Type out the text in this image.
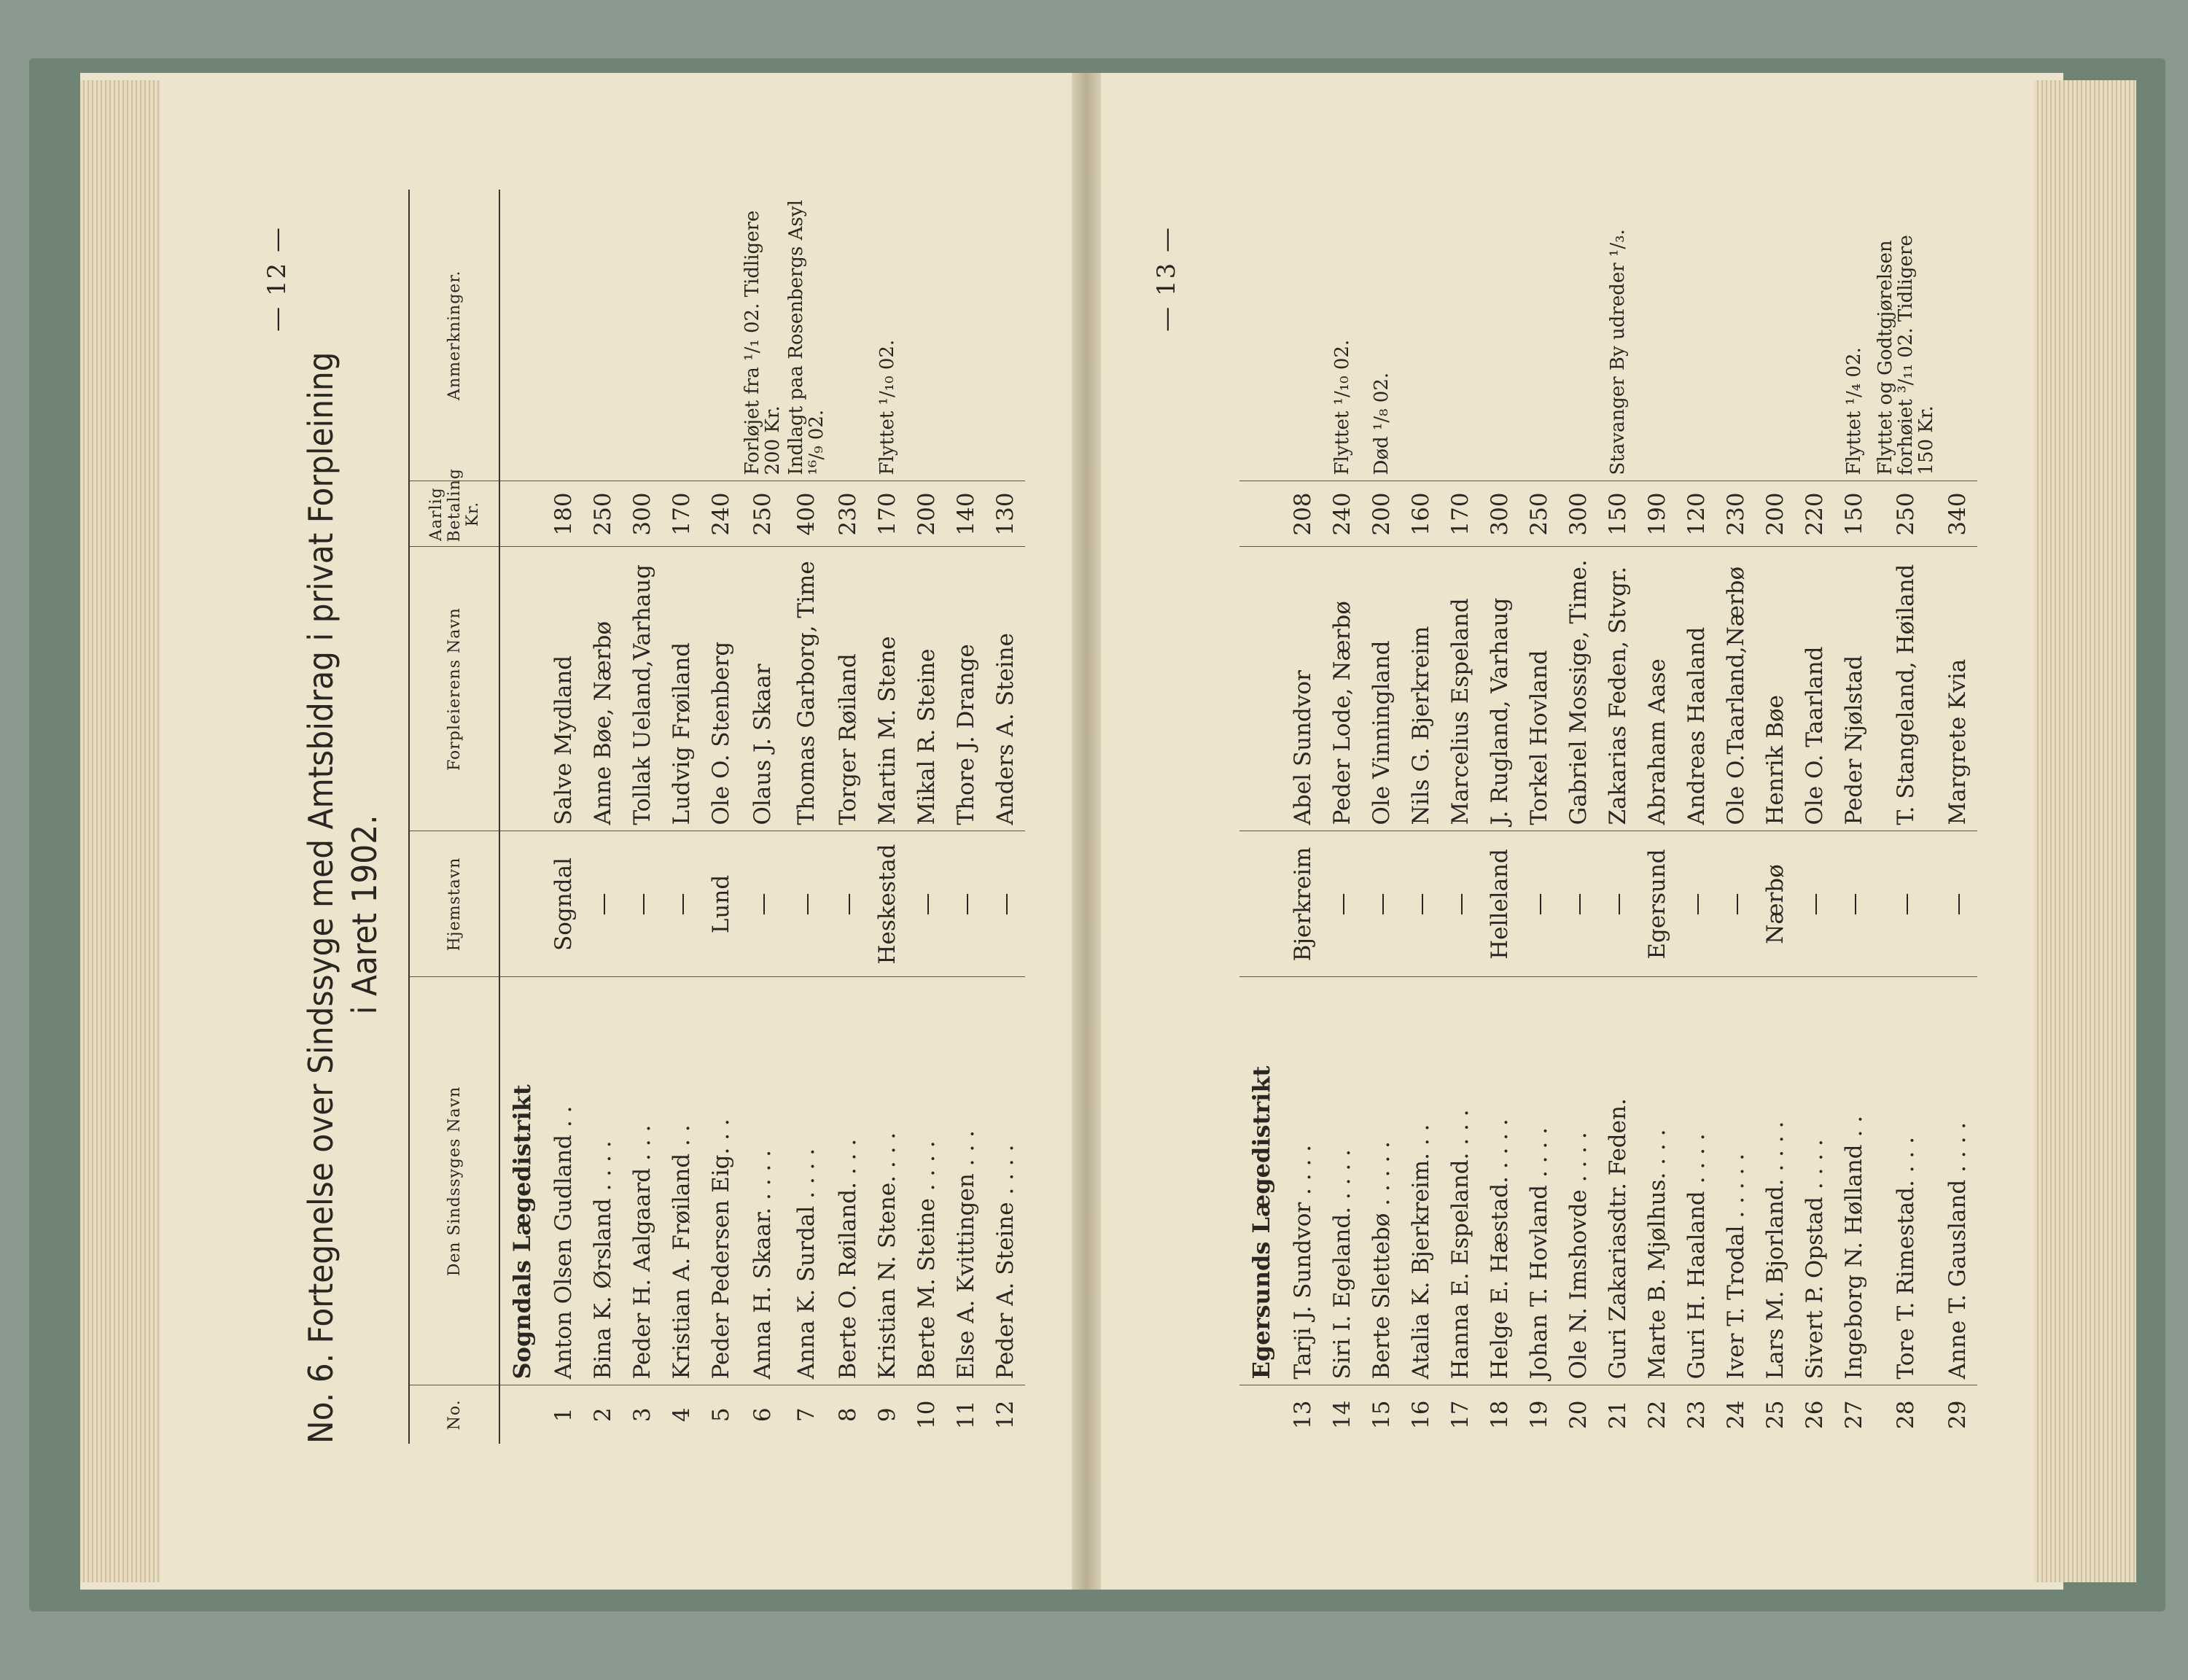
— 12 —
No. 6. Fortegnelse over Sindssyge med Amtsbidrag i privat Forpleining i Aaret 1902.
No.	Den Sindssyges Navn	Hjemstavn	Forpleierens Navn	Aarlig Betaling Kr.	Anmerkninger.
	Sogndals Lægedistrikt				
1	Anton Olsen Gudland . .	Sogndal	Salve Mydland	180	
2	Bina K. Ørsland . . . .	—	Anne Bøe, Nærbø	250	
3	Peder H. Aalgaard . . .	—	Tollak Ueland,Varhaug	300	
4	Kristian A. Frøiland . .	—	Ludvig Frøiland	170	
5	Peder Pedersen Eig. . .	Lund	Ole O. Stenberg	240	
6	Anna H. Skaar. . . . .	—	Olaus J. Skaar	250	Forløjet fra ¹/₁ 02. Tidligere 200 Kr.
7	Anna K. Surdal . . . .	—	Thomas Garborg, Time	400	Indlagt paa Rosenbergs Asyl ¹⁶/₉ 02.
8	Berte O. Røiland. . . .	—	Torger Røiland	230	
9	Kristian N. Stene. . . .	Heskestad	Martin M. Stene	170	Flyttet ¹/₁₀ 02.
10	Berte M. Steine . . . .	—	Mikal R. Steine	200	
11	Else A. Kvittingen . . .	—	Thore J. Drange	140	
12	Peder A. Steine . . . .	—	Anders A. Steine	130	
— 13 —
	Egersunds Lægedistrikt				
13	Tarji J. Sundvor . . . .	Bjerkreim	Abel Sundvor	208	
14	Siri I. Egeland. . . . .	—	Peder Lode, Nærbø	240	Flyttet ¹/₁₀ 02.
15	Berte Slettebø . . . . .	—	Ole Vinningland	200	Død ¹/₈ 02.
16	Atalia K. Bjerkreim. . .	—	Nils G. Bjerkreim	160	
17	Hanna E. Espeland. . . .	—	Marcelius Espeland	170	
18	Helge E. Hæstad. . . . .	Helleland	J. Rugland, Varhaug	300	
19	Johan T. Hovland . . . .	—	Torkel Hovland	250	
20	Ole N. Imshovde . . . .	—	Gabriel Mossige, Time.	300	
21	Guri Zakariasdtr. Feden.	—	Zakarias Feden, Stvgr.	150	Stavanger By udreder ¹/₃.
22	Marte B. Mjølhus. . . .	Egersund	Abraham Aase	190	
23	Guri H. Haaland . . . .	—	Andreas Haaland	120	
24	Iver T. Trodal . . . . .	—	Ole O.Taarland,Nærbø	230	
25	Lars M. Bjorland. . . . .	Nærbø	Henrik Bøe	200	
26	Sivert P. Opstad . . . .	—	Ole O. Taarland	220	
27	Ingeborg N. Hølland . .	—	Peder Njølstad	150	Flyttet ¹/₄ 02.
28	Tore T. Rimestad. . . .	—	T. Stangeland, Høiland	250	Flyttet og Godtgjørelsen forhøiet ³/₁₁ 02. Tidligere 150 Kr.
29	Anne T. Gausland . . . .	—	Margrete Kvia	340	
